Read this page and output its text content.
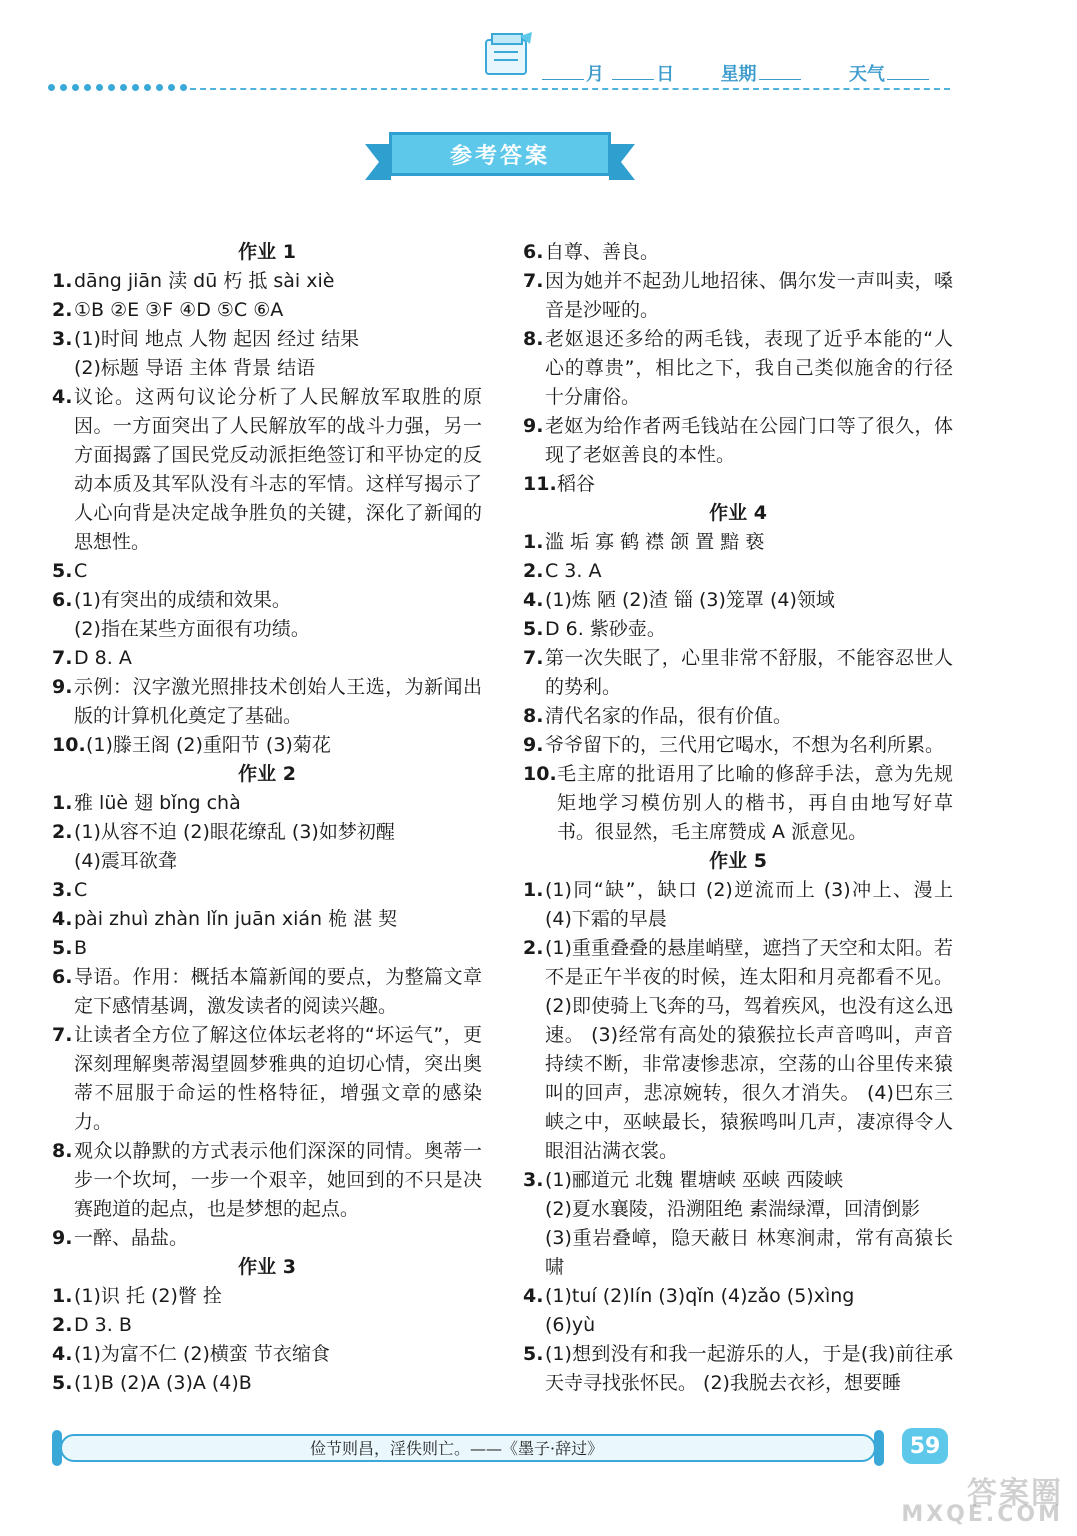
月	日	星期	天气
参考答案
作业 1
1. dāng jiān 渎 dū 朽 抵 sài xiè
2. ①B ②E ③F ④D ⑤C ⑥A
3. (1)时间 地点 人物 起因 经过 结果
(2)标题 导语 主体 背景 结语
4. 议论。这两句议论分析了人民解放军取胜的原因。一方面突出了人民解放军的战斗力强，另一方面揭露了国民党反动派拒绝签订和平协定的反动本质及其军队没有斗志的军情。这样写揭示了人心向背是决定战争胜负的关键，深化了新闻的思想性。
5. C
6. (1)有突出的成绩和效果。
(2)指在某些方面很有功绩。
7. D 8. A
9. 示例：汉字激光照排技术创始人王选，为新闻出版的计算机化奠定了基础。
10. (1)滕王阁 (2)重阳节 (3)菊花
作业 2
1. 雅 lüè 翅 bǐng chà
2. (1)从容不迫 (2)眼花缭乱 (3)如梦初醒
(4)震耳欲聋
3. C
4. pài zhuì zhàn lǐn juān xián 桅 湛 契
5. B
6. 导语。作用：概括本篇新闻的要点，为整篇文章定下感情基调，激发读者的阅读兴趣。
7. 让读者全方位了解这位体坛老将的“坏运气”，更深刻理解奥蒂渴望圆梦雅典的迫切心情，突出奥蒂不屈服于命运的性格特征，增强文章的感染力。
8. 观众以静默的方式表示他们深深的同情。奥蒂一步一个坎坷，一步一个艰辛，她回到的不只是决赛跑道的起点，也是梦想的起点。
9. 一醉、晶盐。
作业 3
1. (1)识 托 (2)瞥 拴
2. D 3. B
4. (1)为富不仁 (2)横蛮 节衣缩食
5. (1)B (2)A (3)A (4)B
6. 自尊、善良。
7. 因为她并不起劲儿地招徕、偶尔发一声叫卖，嗓音是沙哑的。
8. 老妪退还多给的两毛钱，表现了近乎本能的“人心的尊贵”，相比之下，我自己类似施舍的行径十分庸俗。
9. 老妪为给作者两毛钱站在公园门口等了很久，体现了老妪善良的本性。
11. 稻谷
作业 4
1. 滥 垢 寡 鹤 襟 颌 置 黯 亵
2. C 3. A
4. (1)炼 陋 (2)渣 锱 (3)笼罩 (4)领域
5. D 6. 紫砂壶。
7. 第一次失眠了，心里非常不舒服，不能容忍世人的势利。
8. 清代名家的作品，很有价值。
9. 爷爷留下的，三代用它喝水，不想为名利所累。
10. 毛主席的批语用了比喻的修辞手法，意为先规矩地学习模仿别人的楷书，再自由地写好草书。很显然，毛主席赞成 A 派意见。
作业 5
1. (1)同“缺”，缺口 (2)逆流而上 (3)冲上、漫上 (4)下霜的早晨
2. (1)重重叠叠的悬崖峭壁，遮挡了天空和太阳。若不是正午半夜的时候，连太阳和月亮都看不见。 (2)即使骑上飞奔的马，驾着疾风，也没有这么迅速。 (3)经常有高处的猿猴拉长声音鸣叫，声音持续不断，非常凄惨悲凉，空荡的山谷里传来猿叫的回声，悲凉婉转，很久才消失。 (4)巴东三峡之中，巫峡最长，猿猴鸣叫几声，凄凉得令人眼泪沾满衣裳。
3. (1)郦道元 北魏 瞿塘峡 巫峡 西陵峡
(2)夏水襄陵，沿溯阻绝 素湍绿潭，回清倒影
(3)重岩叠嶂，隐天蔽日 林寒涧肃，常有高猿长啸
4. (1)tuí (2)lín (3)qǐn (4)zǎo (5)xìng
(6)yù
5. (1)想到没有和我一起游乐的人，于是(我)前往承天寺寻找张怀民。 (2)我脱去衣衫，想要睡
俭节则昌，淫佚则亡。——《墨子·辞过》	59
答案圈
MXQE.COM
